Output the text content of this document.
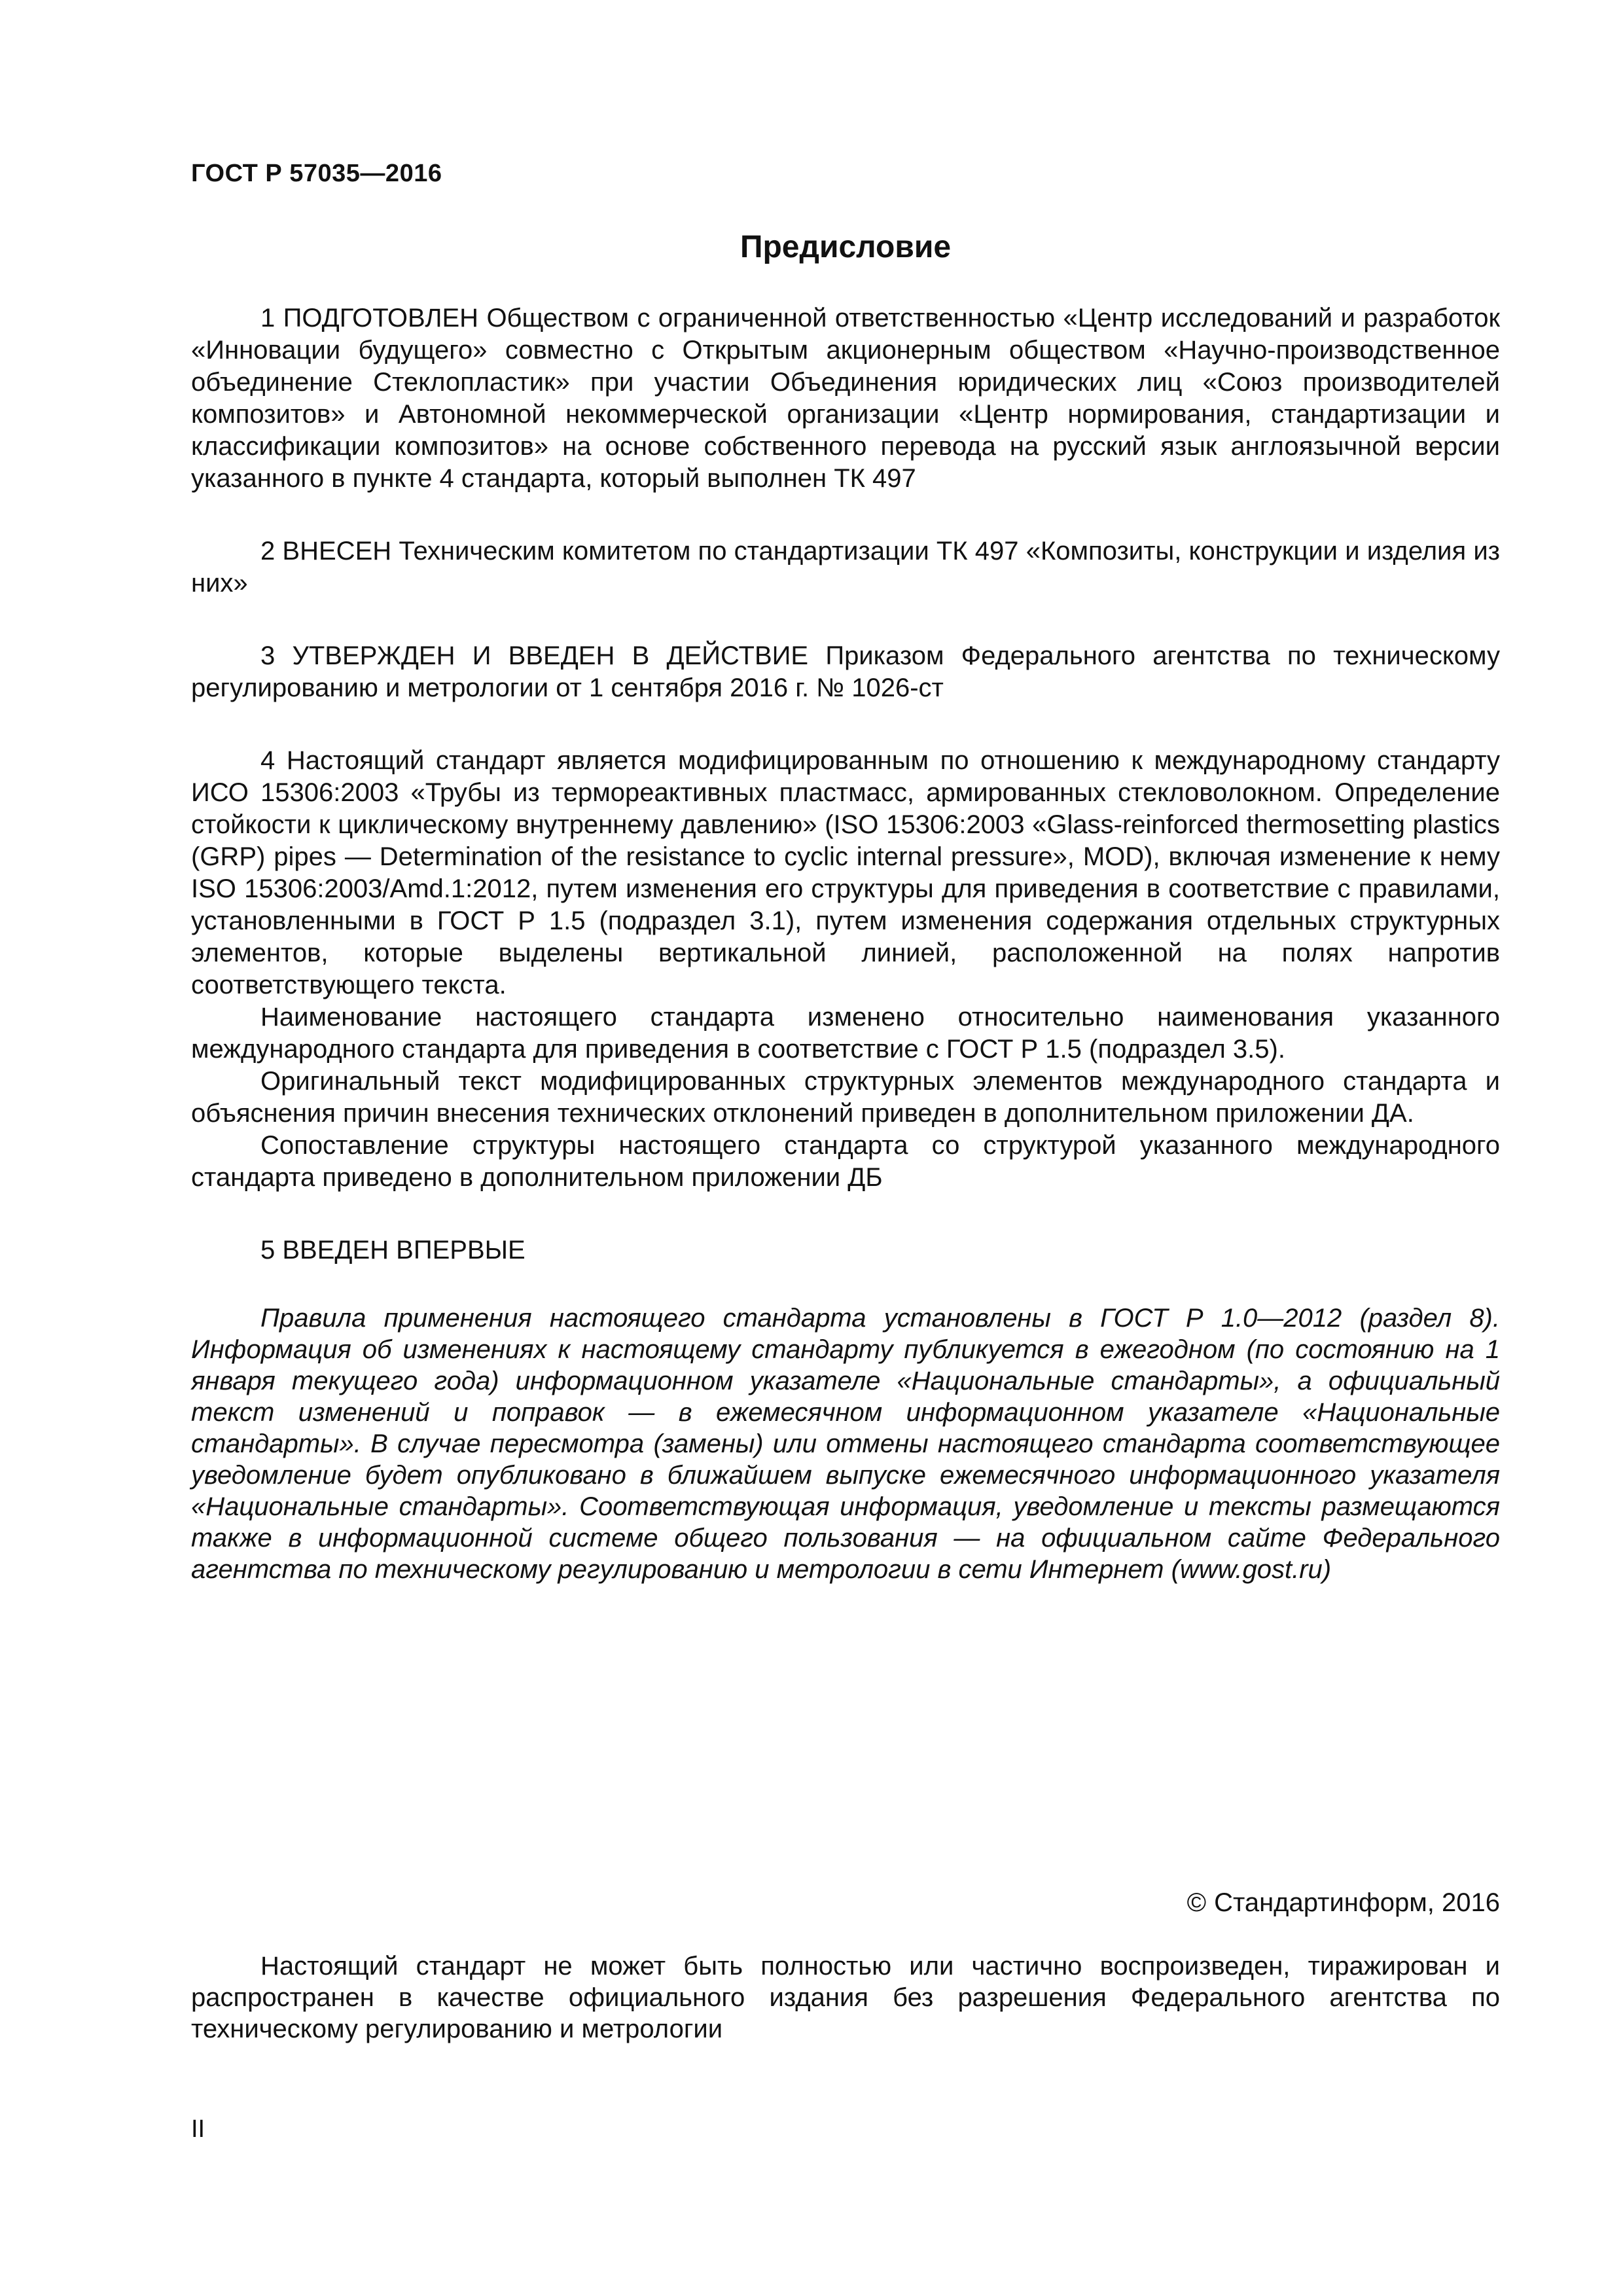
ГОСТ Р 57035—2016
Предисловие

1 ПОДГОТОВЛЕН Обществом с ограниченной ответственностью «Центр исследований и разработок «Инновации будущего» совместно с Открытым акционерным обществом «Научно-производственное объединение Стеклопластик» при участии Объединения юридических лиц «Союз производителей композитов» и Автономной некоммерческой организации «Центр нормирования, стандартизации и классификации композитов» на основе собственного перевода на русский язык англоязычной версии указанного в пункте 4 стандарта, который выполнен ТК 497

2 ВНЕСЕН Техническим комитетом по стандартизации ТК 497 «Композиты, конструкции и изделия из них»

3 УТВЕРЖДЕН И ВВЕДЕН В ДЕЙСТВИЕ Приказом Федерального агентства по техническому регулированию и метрологии от 1 сентября 2016 г. № 1026-ст

4 Настоящий стандарт является модифицированным по отношению к международному стандарту ИСО 15306:2003 «Трубы из термореактивных пластмасс, армированных стекловолокном. Определение стойкости к циклическому внутреннему давлению» (ISO 15306:2003 «Glass-reinforced thermosetting plastics (GRP) pipes — Determination of the resistance to cyclic internal pressure», MOD), включая изменение к нему ISO 15306:2003/Amd.1:2012, путем изменения его структуры для приведения в соответствие с правилами, установленными в ГОСТ Р 1.5 (подраздел 3.1), путем изменения содержания отдельных структурных элементов, которые выделены вертикальной линией, расположенной на полях напротив соответствующего текста.

Наименование настоящего стандарта изменено относительно наименования указанного международного стандарта для приведения в соответствие с ГОСТ Р 1.5 (подраздел 3.5).

Оригинальный текст модифицированных структурных элементов международного стандарта и объяснения причин внесения технических отклонений приведен в дополнительном приложении ДА.

Сопоставление структуры настоящего стандарта со структурой указанного международного стандарта приведено в дополнительном приложении ДБ

5 ВВЕДЕН ВПЕРВЫЕ

Правила применения настоящего стандарта установлены в ГОСТ Р 1.0—2012 (раздел 8). Информация об изменениях к настоящему стандарту публикуется в ежегодном (по состоянию на 1 января текущего года) информационном указателе «Национальные стандарты», а официальный текст изменений и поправок — в ежемесячном информационном указателе «Национальные стандарты». В случае пересмотра (замены) или отмены настоящего стандарта соответствующее уведомление будет опубликовано в ближайшем выпуске ежемесячного информационного указателя «Национальные стандарты». Соответствующая информация, уведомление и тексты размещаются также в информационной системе общего пользования — на официальном сайте Федерального агентства по техническому регулированию и метрологии в сети Интернет (www.gost.ru)

© Стандартинформ, 2016

Настоящий стандарт не может быть полностью или частично воспроизведен, тиражирован и распространен в качестве официального издания без разрешения Федерального агентства по техническому регулированию и метрологии

II
